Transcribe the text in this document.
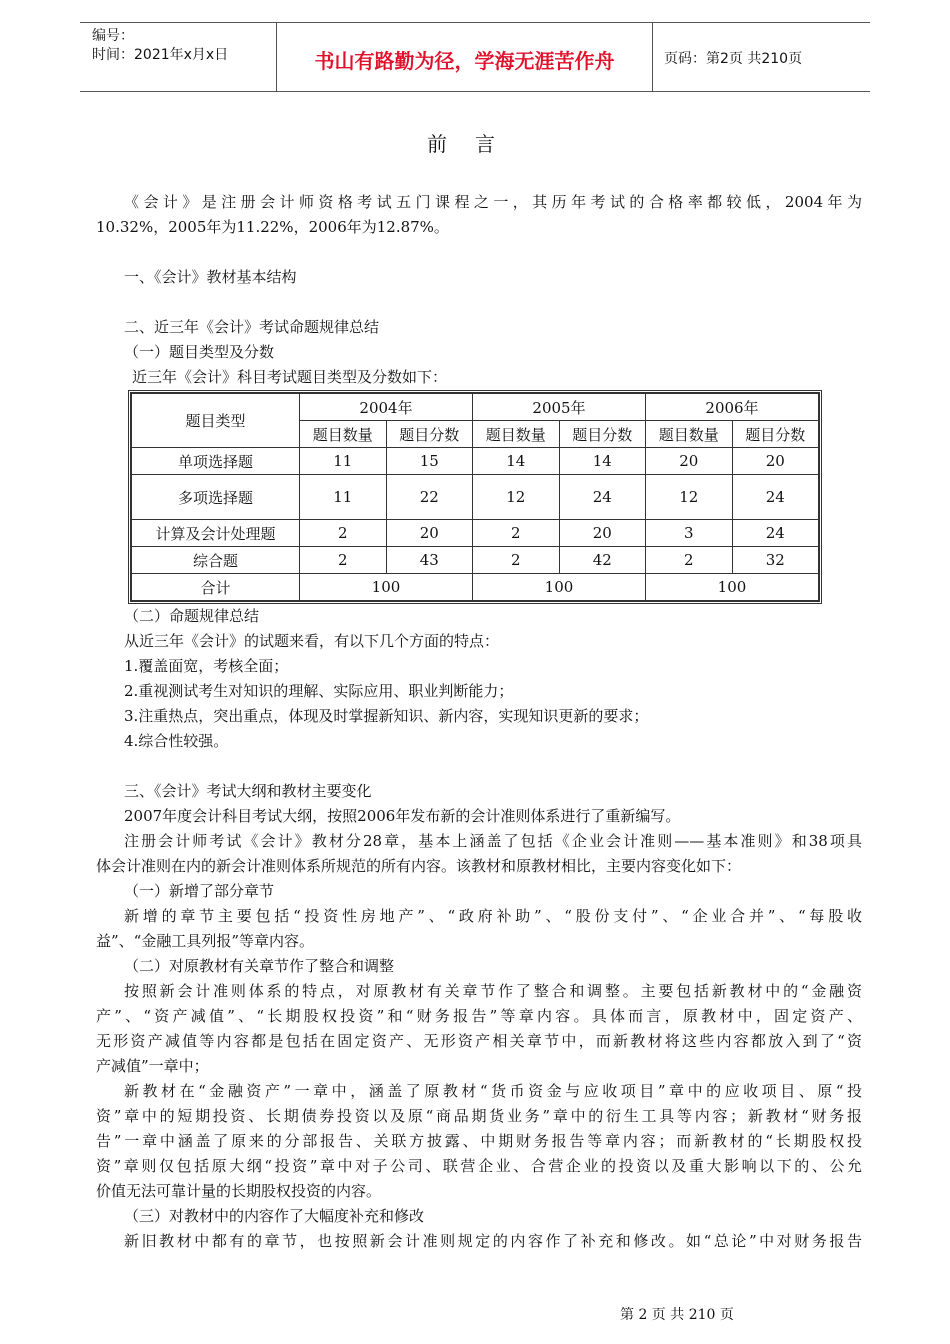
编号：
时间：2021年x月x日	书山有路勤为径，学海无涯苦作舟	页码：第2页 共210页
前言
《会计》是注册会计师资格考试五门课程之一，其历年考试的合格率都较低，2004年为
10.32%，2005年为11.22%，2006年为12.87%。
一、《会计》教材基本结构
二、近三年《会计》考试命题规律总结
（一）题目类型及分数
近三年《会计》科目考试题目类型及分数如下：
题目类型	2004年		2005年		2006年	
	题目数量	题目分数	题目数量	题目分数	题目数量	题目分数
单项选择题	11	15	14	14	20	20
多项选择题	11	22	12	24	12	24
计算及会计处理题	2	20	2	20	3	24
综合题	2	43	2	42	2	32
合计	100		100		100	
（二）命题规律总结
从近三年《会计》的试题来看，有以下几个方面的特点：
1.覆盖面宽，考核全面；
2.重视测试考生对知识的理解、实际应用、职业判断能力；
3.注重热点，突出重点，体现及时掌握新知识、新内容，实现知识更新的要求；
4.综合性较强。
三、《会计》考试大纲和教材主要变化
2007年度会计科目考试大纲，按照2006年发布新的会计准则体系进行了重新编写。
注册会计师考试《会计》教材分28章，基本上涵盖了包括《企业会计准则——基本准则》和38项具
体会计准则在内的新会计准则体系所规范的所有内容。该教材和原教材相比，主要内容变化如下：
（一）新增了部分章节
新增的章节主要包括“投资性房地产”、“政府补助”、“股份支付”、“企业合并”、“每股收
益”、“金融工具列报”等章内容。
（二）对原教材有关章节作了整合和调整
按照新会计准则体系的特点，对原教材有关章节作了整合和调整。主要包括新教材中的“金融资
产”、“资产减值”、“长期股权投资”和“财务报告”等章内容。具体而言，原教材中，固定资产、
无形资产减值等内容都是包括在固定资产、无形资产相关章节中，而新教材将这些内容都放入到了“资
产减值”一章中；
新教材在“金融资产”一章中，涵盖了原教材“货币资金与应收项目”章中的应收项目、原“投
资”章中的短期投资、长期债券投资以及原“商品期货业务”章中的衍生工具等内容；新教材“财务报
告”一章中涵盖了原来的分部报告、关联方披露、中期财务报告等章内容；而新教材的“长期股权投
资”章则仅包括原大纲“投资”章中对子公司、联营企业、合营企业的投资以及重大影响以下的、公允
价值无法可靠计量的长期股权投资的内容。
（三）对教材中的内容作了大幅度补充和修改
新旧教材中都有的章节，也按照新会计准则规定的内容作了补充和修改。如“总论”中对财务报告
第 2 页 共 210 页
